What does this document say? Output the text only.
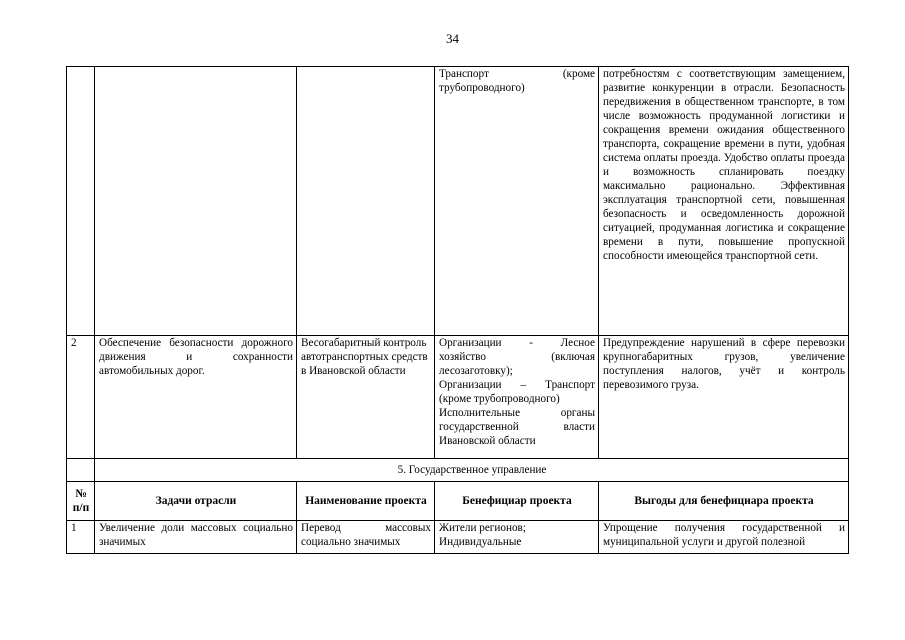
34
			Транспорт (кроме трубопроводного)	потребностям с соответствующим замещением, развитие конкуренции в отрасли. Безопасность передвижения в общественном транспорте, в том числе возможность продуманной логистики и сокращения времени ожидания общественного транспорта, сокращение времени в пути, удобная система оплаты проезда. Удобство оплаты проезда и возможность спланировать поездку максимально рационально. Эффективная эксплуатация транспортной сети, повышенная безопасность и осведомленность дорожной ситуацией, продуманная логистика и сокращение времени в пути, повышение пропускной способности имеющейся транспортной сети.
2	Обеспечение безопасности дорожного движения и сохранности автомобильных дорог.	Весогабаритный контроль автотранспортных средств в Ивановской области	Организации - Лесное хозяйство (включая лесозаготовку);
Организации – Транспорт (кроме трубопроводного)
Исполнительные органы государственной власти Ивановской области	Предупреждение нарушений в сфере перевозки крупногабаритных грузов, увеличение поступления налогов, учёт и контроль перевозимого груза.
	5. Государственное управление			
№ п/п	Задачи отрасли	Наименование проекта	Бенефициар проекта	Выгоды для бенефициара проекта
1	Увеличение доли массовых социально значимых	Перевод массовых социально значимых	Жители регионов; Индивидуальные	Упрощение получения государственной и муниципальной услуги и другой полезной
